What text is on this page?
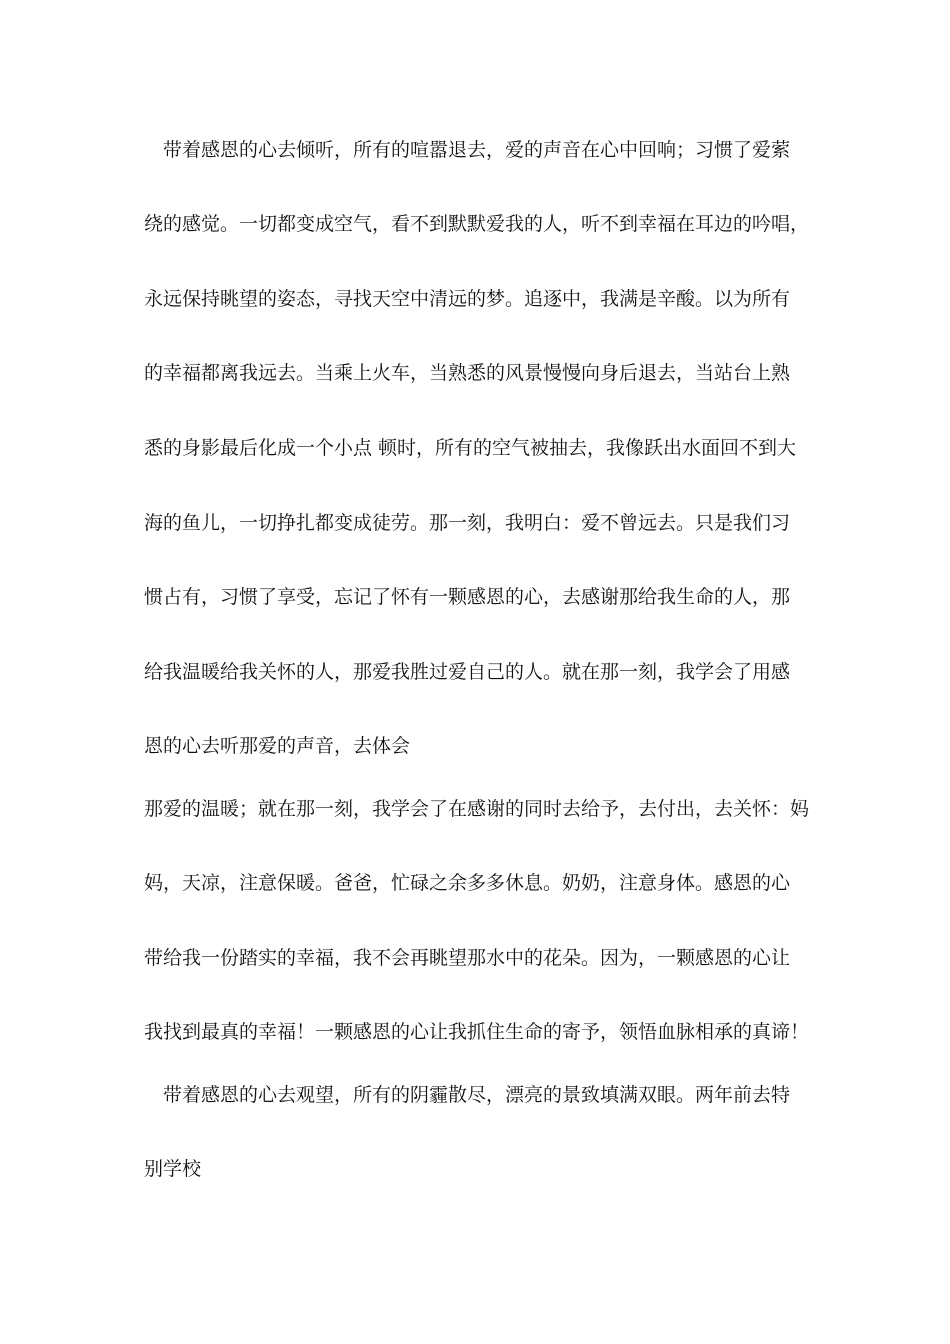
　带着感恩的心去倾听，所有的喧嚣退去，爱的声音在心中回响；习惯了爱萦
绕的感觉。一切都变成空气，看不到默默爱我的人，听不到幸福在耳边的吟唱，
永远保持眺望的姿态，寻找天空中清远的梦。追逐中，我满是辛酸。以为所有
的幸福都离我远去。当乘上火车，当熟悉的风景慢慢向身后退去，当站台上熟
悉的身影最后化成一个小点 顿时，所有的空气被抽去，我像跃出水面回不到大
海的鱼儿，一切挣扎都变成徒劳。那一刻，我明白：爱不曾远去。只是我们习
惯占有，习惯了享受，忘记了怀有一颗感恩的心，去感谢那给我生命的人，那
给我温暖给我关怀的人，那爱我胜过爱自己的人。就在那一刻，我学会了用感
恩的心去听那爱的声音，去体会
那爱的温暖；就在那一刻，我学会了在感谢的同时去给予，去付出，去关怀：妈
妈，天凉，注意保暖。爸爸，忙碌之余多多休息。奶奶，注意身体。感恩的心
带给我一份踏实的幸福，我不会再眺望那水中的花朵。因为，一颗感恩的心让
我找到最真的幸福！一颗感恩的心让我抓住生命的寄予，领悟血脉相承的真谛！
　带着感恩的心去观望，所有的阴霾散尽，漂亮的景致填满双眼。两年前去特
别学校
